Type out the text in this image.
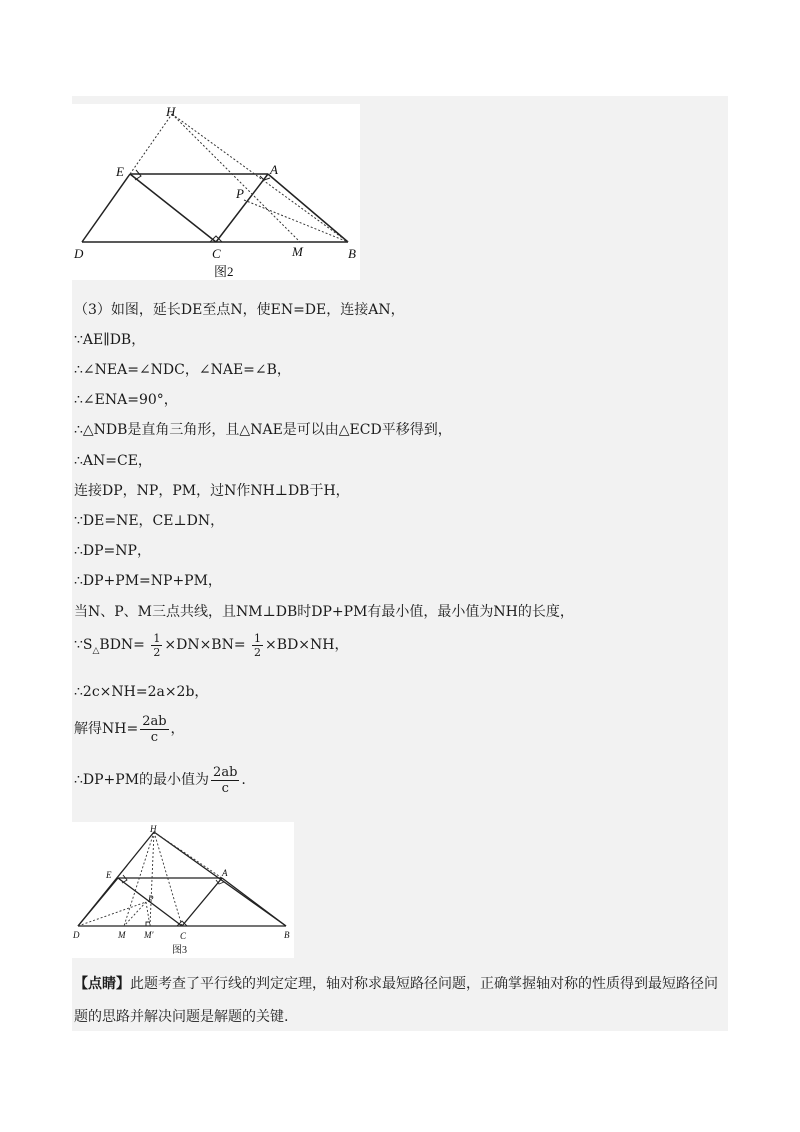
H
E	A
P
D	C	M	B
图2
（3）如图，延长DE至点N，使EN=DE，连接AN，
∵AE∥DB，
∴∠NEA=∠NDC，∠NAE=∠B，
∴∠ENA=90°，
∴△NDB是直角三角形，且△NAE是可以由△ECD平移得到，
∴AN=CE，
连接DP，NP，PM，过N作NH⊥DB于H，
∵DE=NE，CE⊥DN，
∴DP=NP，
∴DP+PM=NP+PM，
当N、P、M三点共线，且NM⊥DB时DP+PM有最小值，最小值为NH的长度，
$\because S_\triangle BDN= \frac{1}{2} \times DN\times BN= \frac{1}{2} \times BD\times NH$，
∴2c×NH=2a×2b，
解得$NH= \frac{2ab}{c}$ ，
∴DP+PM的最小值为 $\frac{2ab}{c}$ .
H
E	A
P
D	M M'	C	B
图3
【点睛】此题考查了平行线的判定定理，轴对称求最短路径问题，正确掌握轴对称的性质得到最短路径问题的思路并解决问题是解题的关键.
